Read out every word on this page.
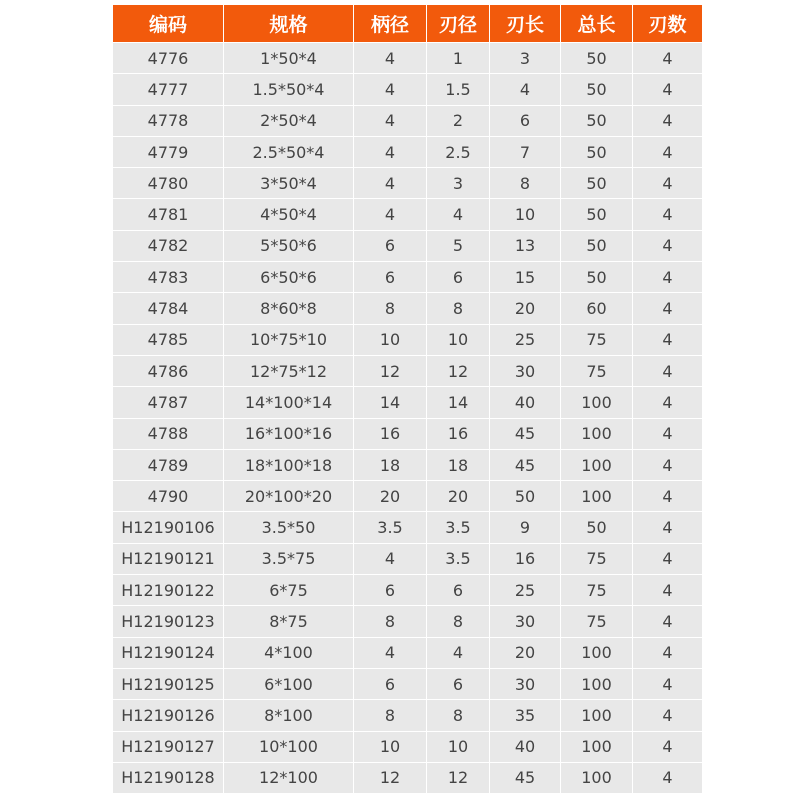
编码	规格	柄径	刃径	刃长	总长	刃数
4776	1*50*4	4	1	3	50	4
4777	1.5*50*4	4	1.5	4	50	4
4778	2*50*4	4	2	6	50	4
4779	2.5*50*4	4	2.5	7	50	4
4780	3*50*4	4	3	8	50	4
4781	4*50*4	4	4	10	50	4
4782	5*50*6	6	5	13	50	4
4783	6*50*6	6	6	15	50	4
4784	8*60*8	8	8	20	60	4
4785	10*75*10	10	10	25	75	4
4786	12*75*12	12	12	30	75	4
4787	14*100*14	14	14	40	100	4
4788	16*100*16	16	16	45	100	4
4789	18*100*18	18	18	45	100	4
4790	20*100*20	20	20	50	100	4
H12190106	3.5*50	3.5	3.5	9	50	4
H12190121	3.5*75	4	3.5	16	75	4
H12190122	6*75	6	6	25	75	4
H12190123	8*75	8	8	30	75	4
H12190124	4*100	4	4	20	100	4
H12190125	6*100	6	6	30	100	4
H12190126	8*100	8	8	35	100	4
H12190127	10*100	10	10	40	100	4
H12190128	12*100	12	12	45	100	4
